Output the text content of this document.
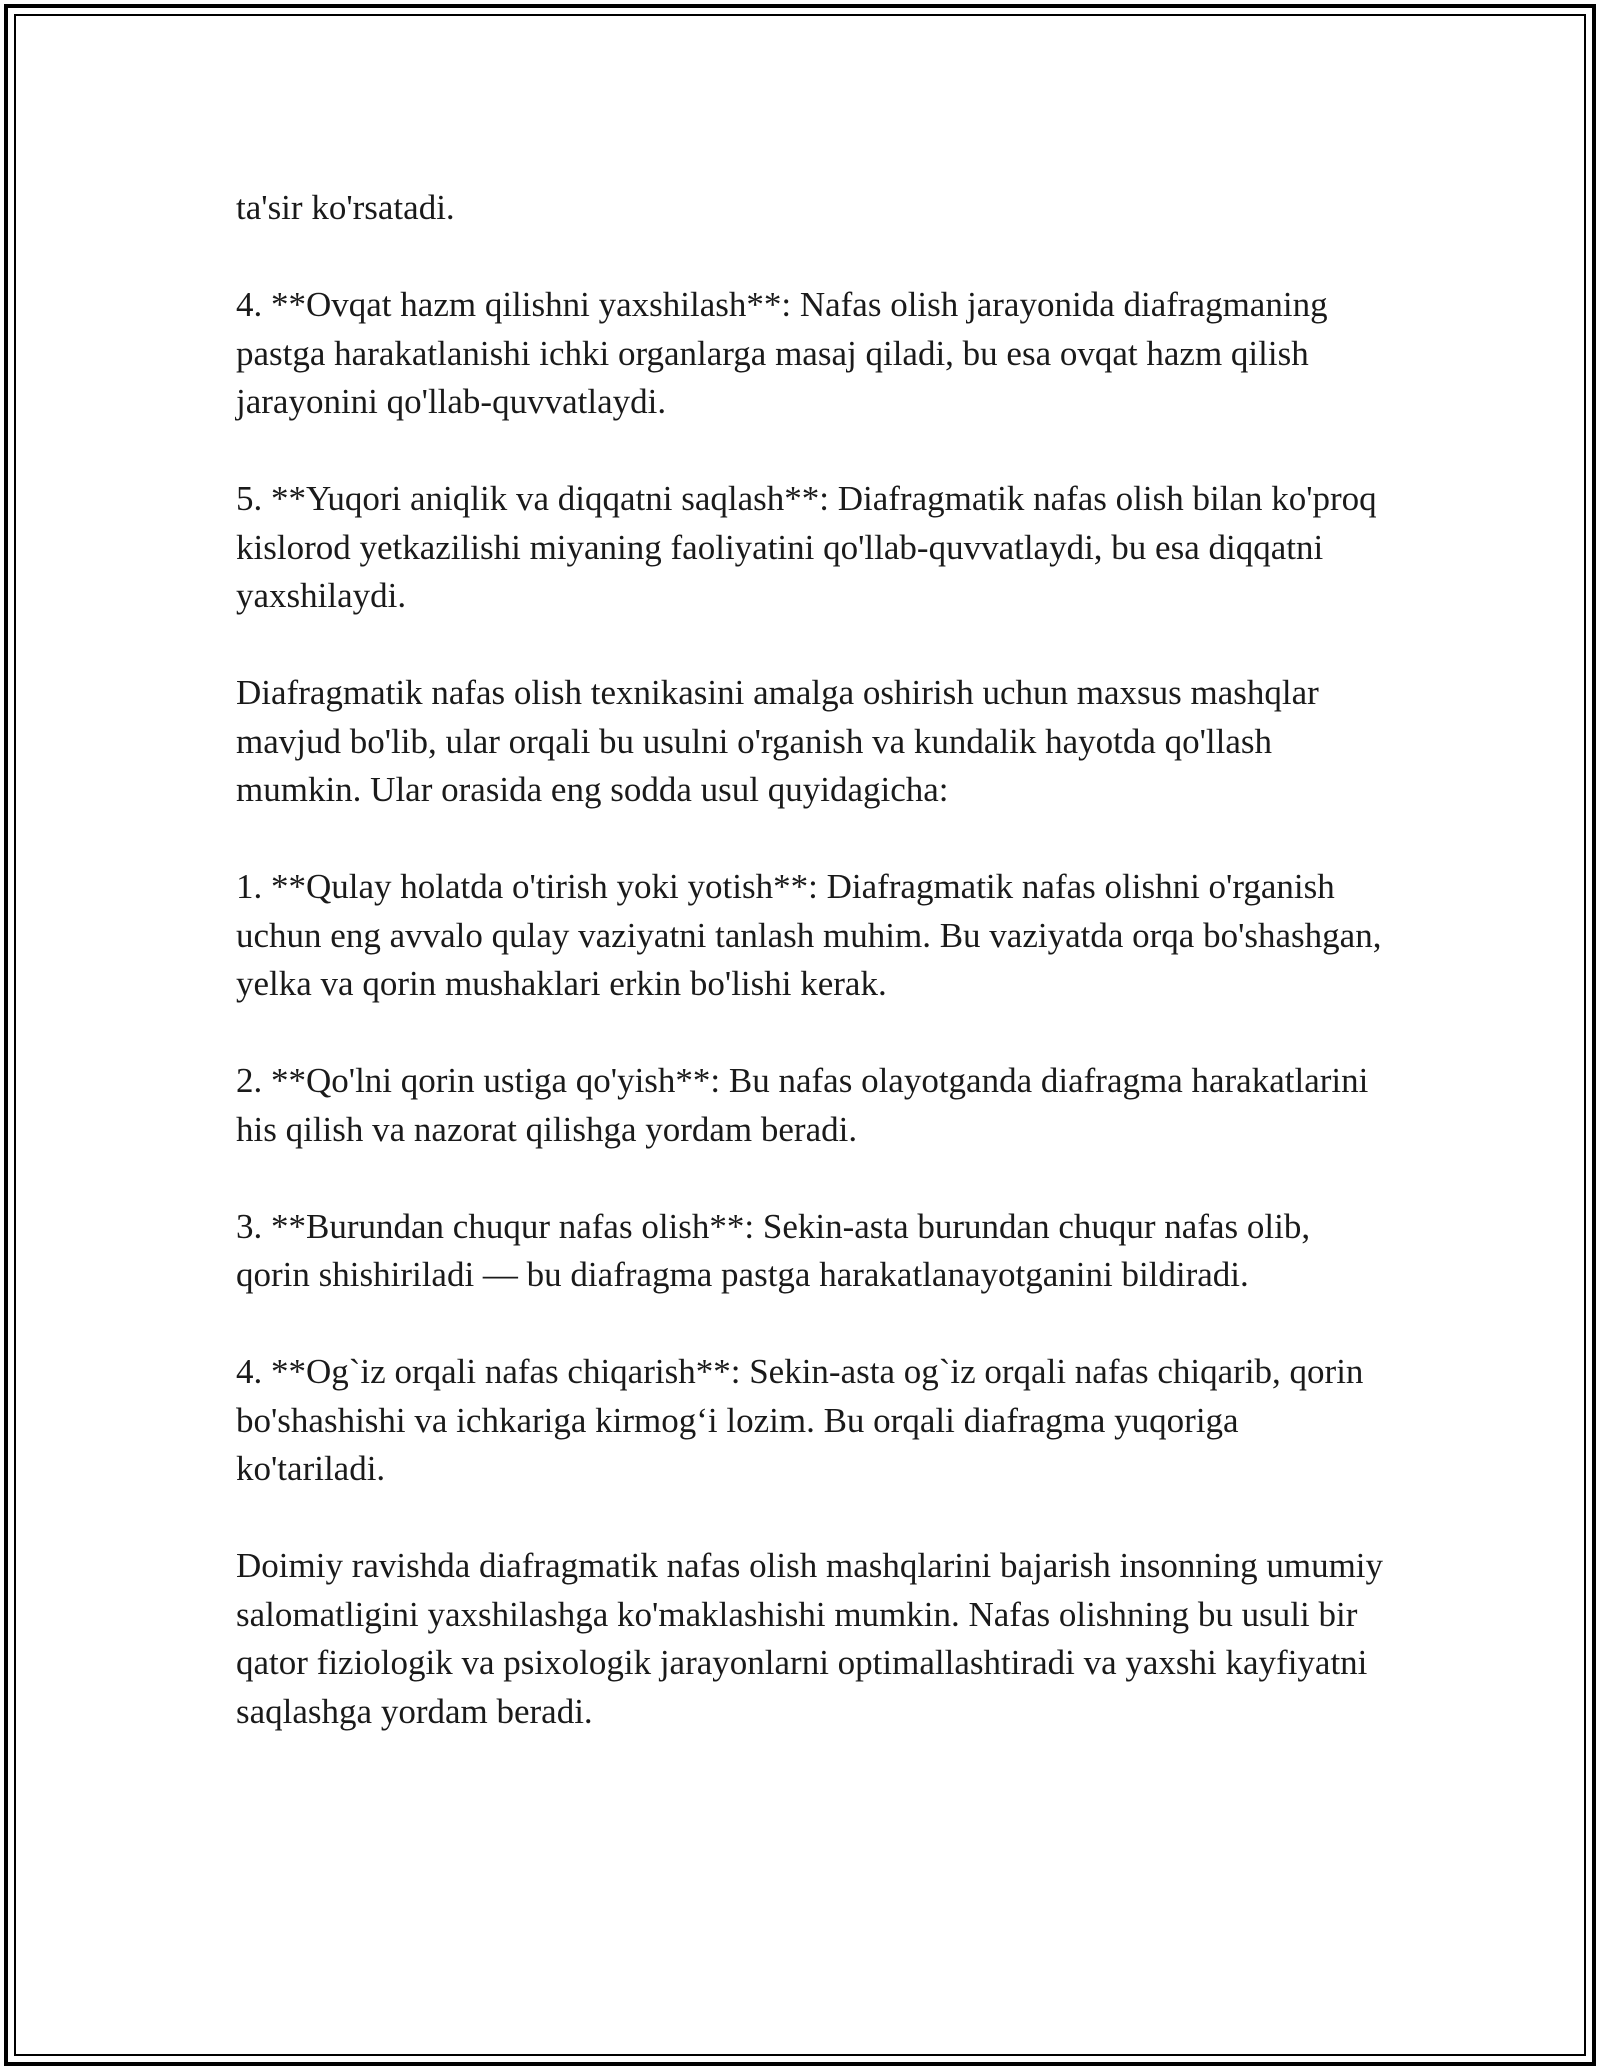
ta'sir ko'rsatadi.

4. **Ovqat hazm qilishni yaxshilash**: Nafas olish jarayonida diafragmaning pastga harakatlanishi ichki organlarga masaj qiladi, bu esa ovqat hazm qilish jarayonini qo'llab-quvvatlaydi.

5. **Yuqori aniqlik va diqqatni saqlash**: Diafragmatik nafas olish bilan ko'proq kislorod yetkazilishi miyaning faoliyatini qo'llab-quvvatlaydi, bu esa diqqatni yaxshilaydi.

Diafragmatik nafas olish texnikasini amalga oshirish uchun maxsus mashqlar mavjud bo'lib, ular orqali bu usulni o'rganish va kundalik hayotda qo'llash mumkin. Ular orasida eng sodda usul quyidagicha:

1. **Qulay holatda o'tirish yoki yotish**: Diafragmatik nafas olishni o'rganish uchun eng avvalo qulay vaziyatni tanlash muhim. Bu vaziyatda orqa bo'shashgan, yelka va qorin mushaklari erkin bo'lishi kerak.

2. **Qo'lni qorin ustiga qo'yish**: Bu nafas olayotganda diafragma harakatlarini his qilish va nazorat qilishga yordam beradi.

3. **Burundan chuqur nafas olish**: Sekin-asta burundan chuqur nafas olib, qorin shishiriladi — bu diafragma pastga harakatlanayotganini bildiradi.

4. **Og`iz orqali nafas chiqarish**: Sekin-asta og`iz orqali nafas chiqarib, qorin bo'shashishi va ichkariga kirmog‘i lozim. Bu orqali diafragma yuqoriga ko'tariladi.

Doimiy ravishda diafragmatik nafas olish mashqlarini bajarish insonning umumiy salomatligini yaxshilashga ko'maklashishi mumkin. Nafas olishning bu usuli bir qator fiziologik va psixologik jarayonlarni optimallashtiradi va yaxshi kayfiyatni saqlashga yordam beradi.
